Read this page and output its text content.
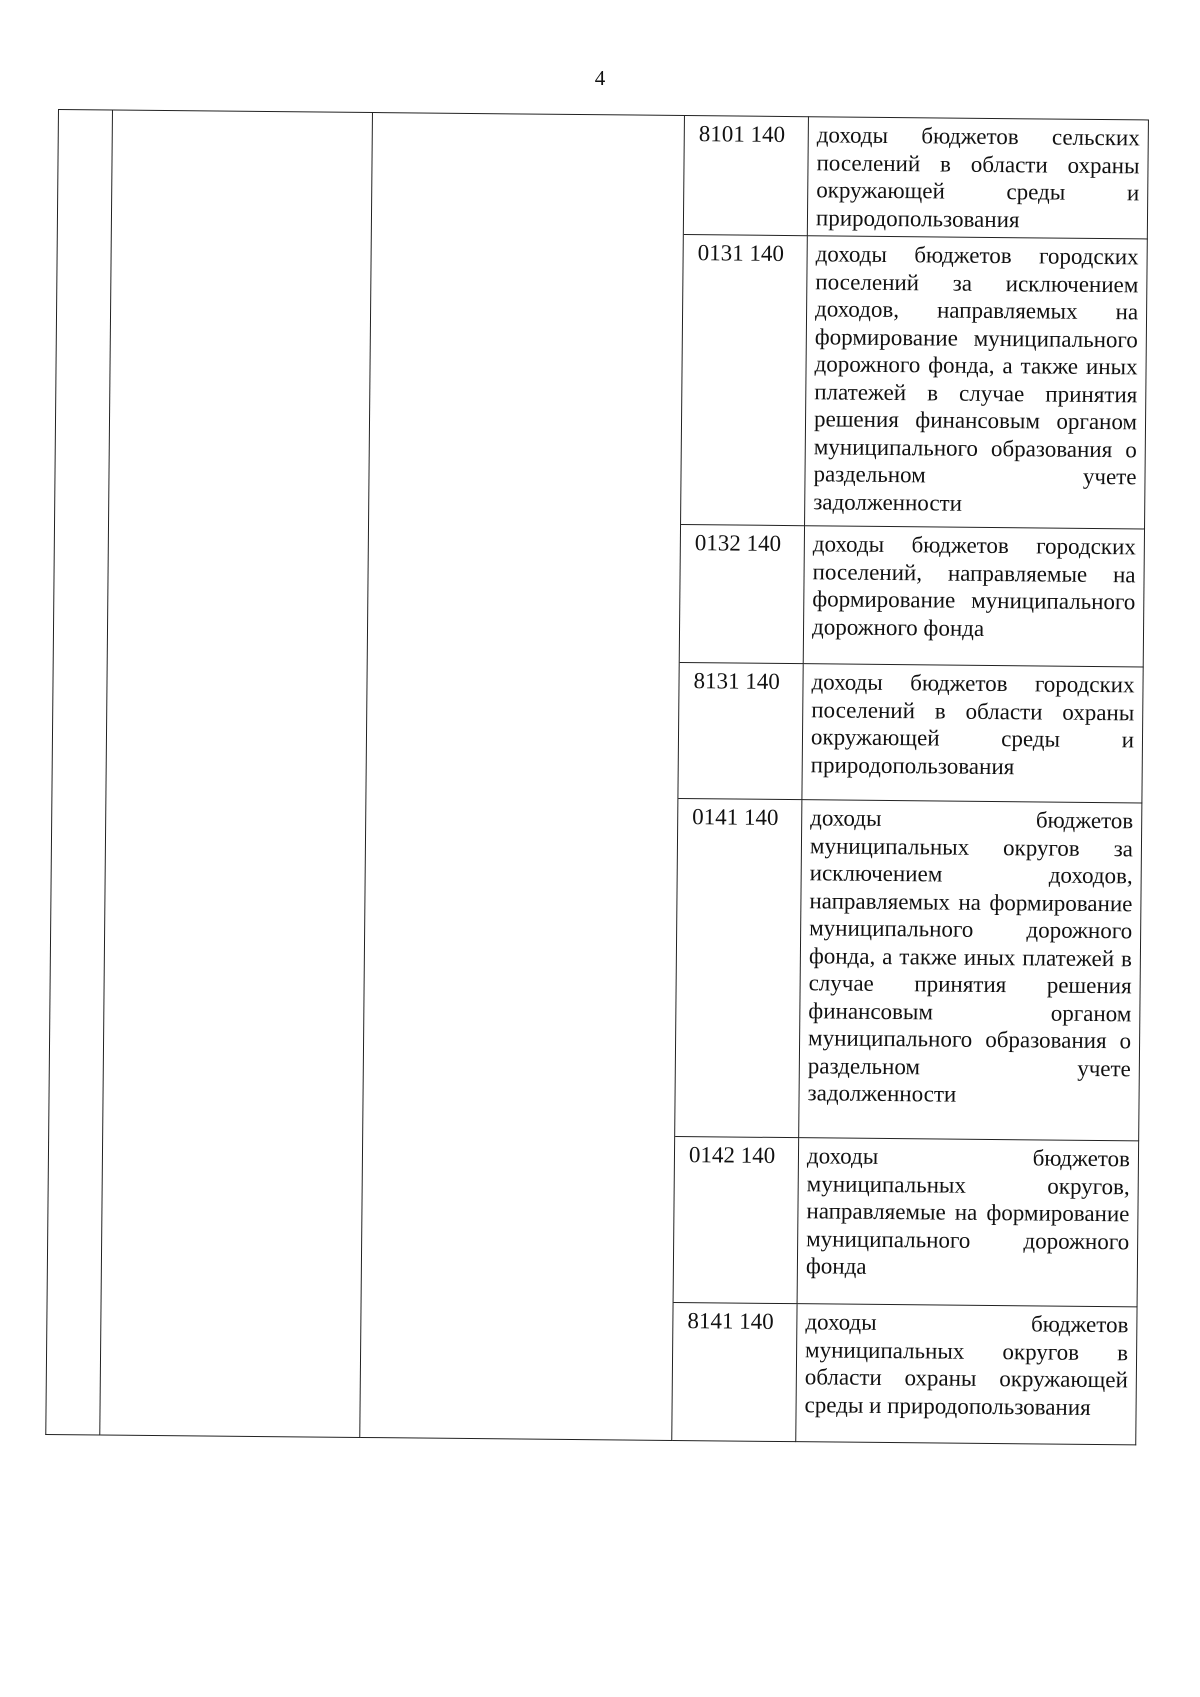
4
			8101 140	доходы бюджетов сельских поселений в области охраны окружающей среды и природопользования
			0131 140	доходы бюджетов городских поселений за исключением доходов, направляемых на формирование муниципального дорожного фонда, а также иных платежей в случае принятия решения финансовым органом муниципального образования о раздельном учете задолженности
			0132 140	доходы бюджетов городских поселений, направляемые на формирование муниципального дорожного фонда
			8131 140	доходы бюджетов городских поселений в области охраны окружающей среды и природопользования
			0141 140	доходы бюджетов муниципальных округов за исключением доходов, направляемых на формирование муниципального дорожного фонда, а также иных платежей в случае принятия решения финансовым органом муниципального образования о раздельном учете задолженности
			0142 140	доходы бюджетов муниципальных округов, направляемые на формирование муниципального дорожного фонда
			8141 140	доходы бюджетов муниципальных округов в области охраны окружающей среды и природопользования
